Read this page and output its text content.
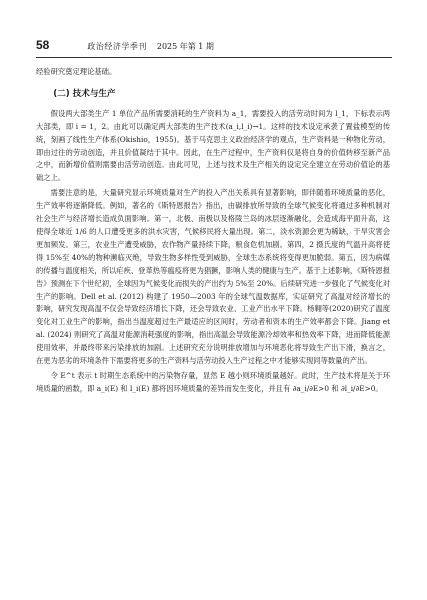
58	政治经济学季刊 2025 年第 1 期

经验研究奠定理论基础。

(二) 技术与生产

假设两大部类生产 1 单位产品所需要消耗的生产资料为 a_1，需要投入的活劳动时间为 l_1，下标表示两大部类，即 i = 1，2。由此可以确定两大部类的生产技术(a_i,l_i)→1。这样的技术设定承袭了置盐模型的传统，刻画了线性生产体系(Okishio，1955)。基于马克思主义政治经济学的观点，生产资料是一种物化劳动，即由过往的劳动创造，并且价值凝结于其中。因此，在生产过程中，生产资料仅是将自身的价值转移至新产品之中，而新增价值则需要由活劳动创造。由此可见，上述与技术及生产相关的设定完全建立在劳动价值论的基础之上。

需要注意的是，大量研究显示环境质量对生产的投入产出关系具有显著影响，即伴随着环境质量的恶化，生产效率将逐渐降低。例如，著名的《斯特恩报告》指出，由碳排放所导致的全球气候变化将通过多种机制对社会生产与经济增长造成负面影响。第一，北极、南极以及格陵兰岛的冰层逐渐融化，会造成海平面升高，这使得全球近 1/6 的人口遭受更多的洪水灾害，气候移民将大量出现。第二，淡水资源会更为稀缺，干旱灾害会更加频发。第三，农业生产遭受威胁，农作物产量持续下降，粮食危机加剧。第四，2 摄氏度的气温升高将使得 15%至 40%的物种濒临灭绝，导致生物多样性受到威胁，全球生态系统将变得更加脆弱。第五，因为病媒的传播与温度相关，所以疟疾、登革热等瘟疫将更为猖獗，影响人类的健康与生产。基于上述影响，《斯特恩报告》预测在下个世纪初，全球因为气候变化而损失的产出约为 5%至 20%。后续研究进一步强化了气候变化对生产的影响。Dell et al. (2012) 构建了 1950—2003 年的全球气温数据库，实证研究了高温对经济增长的影响，研究发现高温不仅会导致经济增长下降，还会导致农业、工业产出水平下降。杨翱等(2020)研究了温度变化对工业生产的影响，指出当温度超过生产最适应的区间时，劳动者和资本的生产效率都会下降。Jiang et al. (2024) 则研究了高温对能源消耗强度的影响，指出高温会导致能源冷却效率和热效率下降，进而降低能源使用效率，并最终带来污染排放的加剧。上述研究充分说明排放增加与环境恶化将导致生产出下滑，换言之，在更为恶劣的环境条件下需要将更多的生产资料与活劳动投入生产过程之中才能够实现同等数量的产出。

令 E^t 表示 t 时期生态系统中的污染物存量，显然 E 越小则环境质量越好。此时，生产技术将是关于环境质量的函数，即 a_i(E) 和 l_i(E) 都将因环境质量的差异而发生变化，并且有 ∂a_i/∂E>0 和 ∂l_i/∂E>0。
